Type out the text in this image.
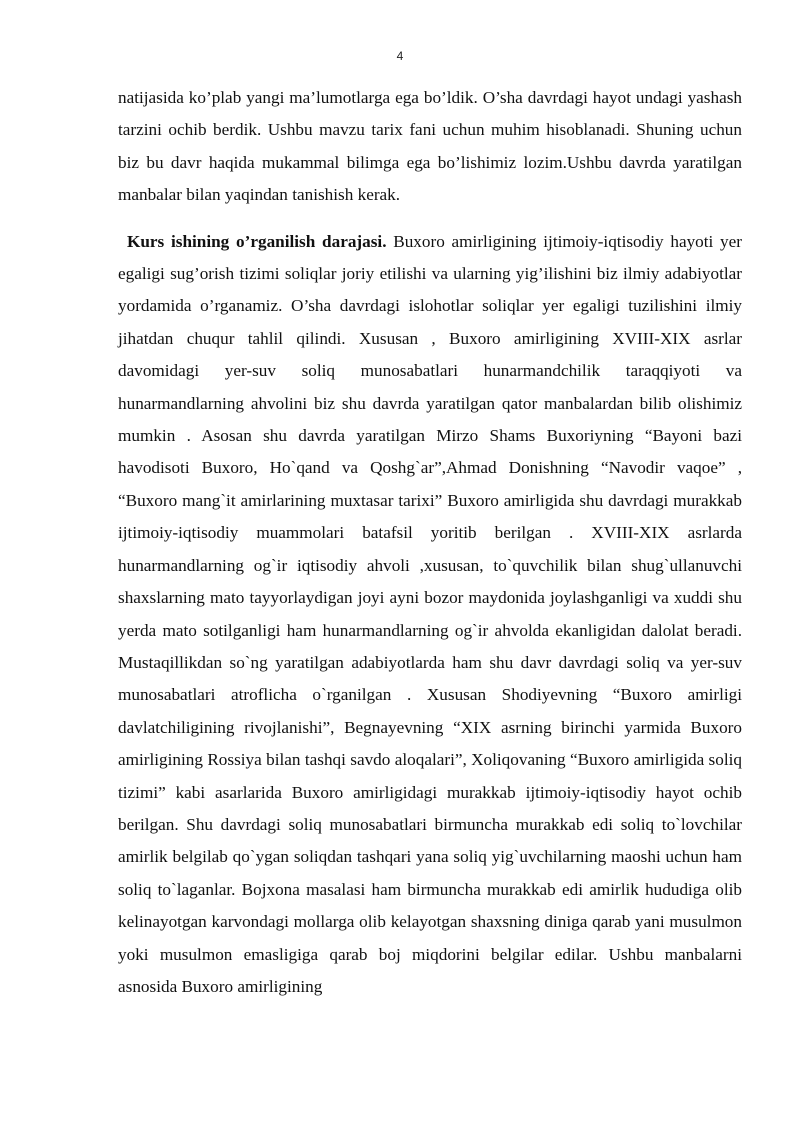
4

natijasida ko’plab yangi ma’lumotlarga ega bo’ldik. O’sha davrdagi hayot undagi yashash tarzini ochib berdik. Ushbu mavzu tarix fani uchun muhim hisoblanadi. Shuning uchun biz bu davr haqida mukammal bilimga ega bo’lishimiz lozim.Ushbu davrda yaratilgan manbalar bilan yaqindan tanishish kerak.

Kurs ishining o’rganilish darajasi. Buxoro amirligining ijtimoiy-iqtisodiy hayoti yer egaligi sug’orish tizimi soliqlar joriy etilishi va ularning yig’ilishini biz ilmiy adabiyotlar yordamida o’rganamiz. O’sha davrdagi islohotlar soliqlar yer egaligi tuzilishini ilmiy jihatdan chuqur tahlil qilindi. Xususan , Buxoro amirligining XVIII-XIX asrlar davomidagi yer-suv soliq munosabatlari hunarmandchilik taraqqiyoti va hunarmandlarning ahvolini biz shu davrda yaratilgan qator manbalardan bilib olishimiz mumkin . Asosan shu davrda yaratilgan Mirzo Shams Buxoriyning “Bayoni bazi havodisoti Buxoro, Ho`qand va Qoshg`ar”,Ahmad Donishning “Navodir vaqoe” , “Buxoro mang`it amirlarining muxtasar tarixi” Buxoro amirligida shu davrdagi murakkab ijtimoiy-iqtisodiy muammolari batafsil yoritib berilgan . XVIII-XIX asrlarda hunarmandlarning og`ir iqtisodiy ahvoli ,xususan, to`quvchilik bilan shug`ullanuvchi shaxslarning mato tayyorlaydigan joyi ayni bozor maydonida joylashganligi va xuddi shu yerda mato sotilganligi ham hunarmandlarning og`ir ahvolda ekanligidan dalolat beradi. Mustaqillikdan so`ng yaratilgan adabiyotlarda ham shu davr davrdagi soliq va yer-suv munosabatlari atroflicha o`rganilgan . Xususan Shodiyevning “Buxoro amirligi davlatchiligining rivojlanishi”, Begnayevning “XIX asrning birinchi yarmida Buxoro amirligining Rossiya bilan tashqi savdo aloqalari”, Xoliqovaning “Buxoro amirligida soliq tizimi” kabi asarlarida Buxoro amirligidagi murakkab ijtimoiy-iqtisodiy hayot ochib berilgan. Shu davrdagi soliq munosabatlari birmuncha murakkab edi soliq to`lovchilar amirlik belgilab qo`ygan soliqdan tashqari yana soliq yig`uvchilarning maoshi uchun ham soliq to`laganlar. Bojxona masalasi ham birmuncha murakkab edi amirlik hududiga olib kelinayotgan karvondagi mollarga olib kelayotgan shaxsning diniga qarab yani musulmon yoki musulmon emasligiga qarab boj miqdorini belgilar edilar. Ushbu manbalarni asnosida Buxoro amirligining
